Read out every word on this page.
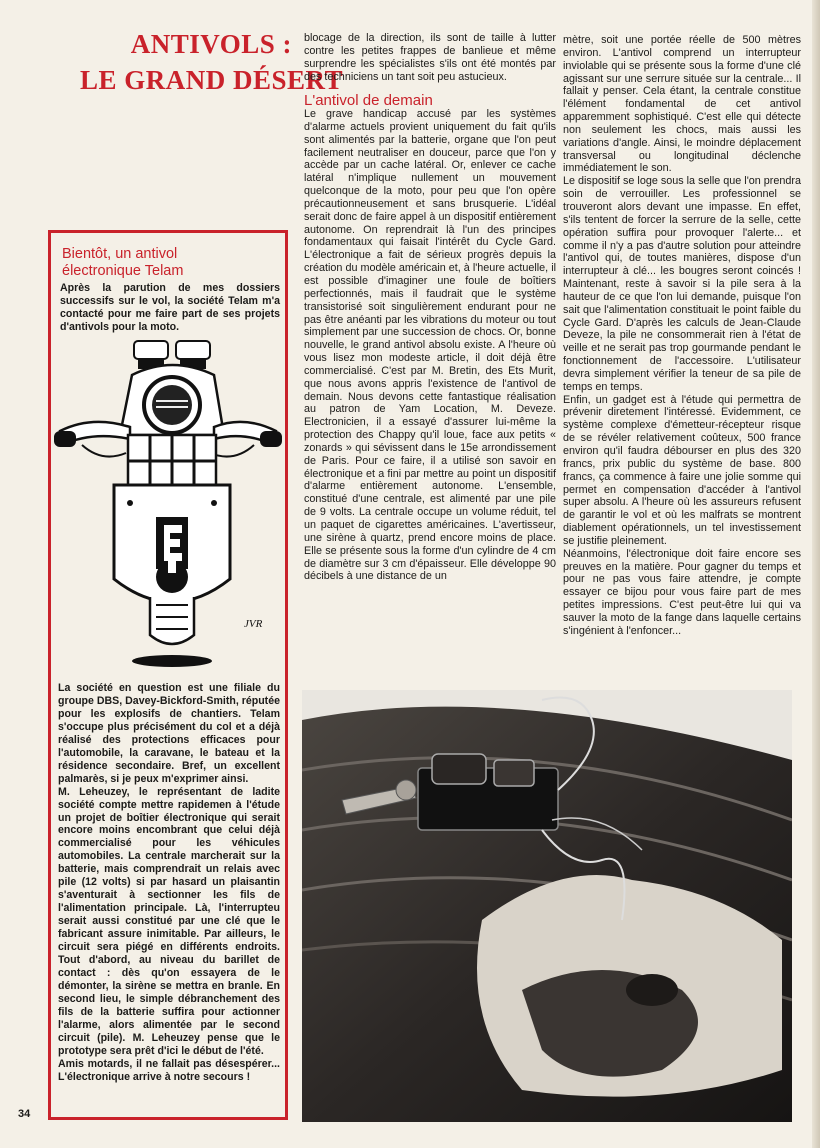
ANTIVOLS :
LE GRAND DÉSERT

blocage de la direction, ils sont de taille à lutter contre les petites frappes de banlieue et même surprendre les spécialistes s'ils ont été montés par des techniciens un tant soit peu astucieux.

L'antivol de demain

Le grave handicap accusé par les systèmes d'alarme actuels provient uniquement du fait qu'ils sont alimentés par la batterie, organe que l'on peut facilement neutraliser en douceur, parce que l'on y accède par un cache latéral. Or, enlever ce cache latéral n'implique nullement un mouvement quelconque de la moto, pour peu que l'on opère précautionneusement et sans brusquerie. L'idéal serait donc de faire appel à un dispositif entièrement autonome. On reprendrait là l'un des principes fondamentaux qui faisait l'intérêt du Cycle Gard. L'électronique a fait de sérieux progrès depuis la création du modèle américain et, à l'heure actuelle, il est possible d'imaginer une foule de boîtiers perfectionnés, mais il faudrait que le système transistorisé soit singulièrement endurant pour ne pas être anéanti par les vibrations du moteur ou tout simplement par une succession de chocs. Or, bonne nouvelle, le grand antivol absolu existe. A l'heure où vous lisez mon modeste article, il doit déjà être commercialisé. C'est par M. Bretin, des Ets Murit, que nous avons appris l'existence de l'antivol de demain. Nous devons cette fantastique réalisation au patron de Yam Location, M. Deveze. Electronicien, il a essayé d'assurer lui-même la protection des Chappy qu'il loue, face aux petits « zonards » qui sévissent dans le 15e arrondissement de Paris. Pour ce faire, il a utilisé son savoir en électronique et a fini par mettre au point un dispositif d'alarme entièrement autonome. L'ensemble, constitué d'une centrale, est alimenté par une pile de 9 volts. La centrale occupe un volume réduit, tel un paquet de cigarettes américaines. L'avertisseur, une sirène à quartz, prend encore moins de place. Elle se présente sous la forme d'un cylindre de 4 cm de diamètre sur 3 cm d'épaisseur. Elle développe 90 décibels à une distance de un

mètre, soit une portée réelle de 500 mètres environ. L'antivol comprend un interrupteur inviolable qui se présente sous la forme d'une clé agissant sur une serrure située sur la centrale... Il fallait y penser. Cela étant, la centrale constitue l'élément fondamental de cet antivol apparemment sophistiqué. C'est elle qui détecte non seulement les chocs, mais aussi les variations d'angle. Ainsi, le moindre déplacement transversal ou longitudinal déclenche immédiatement le son.

Le dispositif se loge sous la selle que l'on prendra soin de verrouiller. Les professionnel se trouveront alors devant une impasse. En effet, s'ils tentent de forcer la serrure de la selle, cette opération suffira pour provoquer l'alerte... et comme il n'y a pas d'autre solution pour atteindre l'antivol qui, de toutes manières, dispose d'un interrupteur à clé... les bougres seront coincés ! Maintenant, reste à savoir si la pile sera à la hauteur de ce que l'on lui demande, puisque l'on sait que l'alimentation constituait le point faible du Cycle Gard. D'après les calculs de Jean-Claude Deveze, la pile ne consommerait rien à l'état de veille et ne serait pas trop gourmande pendant le fonctionnement de l'accessoire. L'utilisateur devra simplement vérifier la teneur de sa pile de temps en temps.

Enfin, un gadget est à l'étude qui permettra de prévenir diretement l'intéressé. Evidemment, ce système complexe d'émetteur-récepteur risque de se révéler relativement coûteux, 500 france environ qu'il faudra débourser en plus des 320 francs, prix public du système de base. 800 francs, ça commence à faire une jolie somme qui permet en compensation d'accéder à l'antivol super absolu. A l'heure où les assureurs refusent de garantir le vol et où les malfrats se montrent diablement opérationnels, un tel investissement se justifie pleinement.

Néanmoins, l'électronique doit faire encore ses preuves en la matière. Pour gagner du temps et pour ne pas vous faire attendre, je compte essayer ce bijou pour vous faire part de mes petites impressions. C'est peut-être lui qui va sauver la moto de la fange dans laquelle certains s'ingénient à l'enfoncer...

Bientôt, un antivol
électronique Telam
Après la parution de mes dossiers successifs sur le vol, la société Telam m'a contacté pour me faire part de ses projets d'antivols pour la moto.
JVR

La société en question est une filiale du groupe DBS, Davey-Bickford-Smith, réputée pour les explosifs de chantiers. Telam s'occupe plus précisément du col et a déjà réalisé des protections efficaces pour l'automobile, la caravane, le bateau et la résidence secondaire. Bref, un excellent palmarès, si je peux m'exprimer ainsi.

M. Leheuzey, le représentant de ladite société compte mettre rapidemen à l'étude un projet de boîtier électronique qui serait encore moins encombrant que celui déjà commercialisé pour les véhicules automobiles. La centrale marcherait sur la batterie, mais comprendrait un relais avec pile (12 volts) si par hasard un plaisantin s'aventurait à sectionner les fils de l'alimentation principale. Là, l'interrupteu serait aussi constitué par une clé que le fabricant assure inimitable. Par ailleurs, le circuit sera piégé en différents endroits. Tout d'abord, au niveau du barillet de contact : dès qu'on essayera de le démonter, la sirène se mettra en branle. En second lieu, le simple débranchement des fils de la batterie suffira pour actionner l'alarme, alors alimentée par le second circuit (pile). M. Leheuzey pense que le prototype sera prêt d'ici le début de l'été.

Amis motards, il ne fallait pas désespérer... L'électronique arrive à notre secours !

34
